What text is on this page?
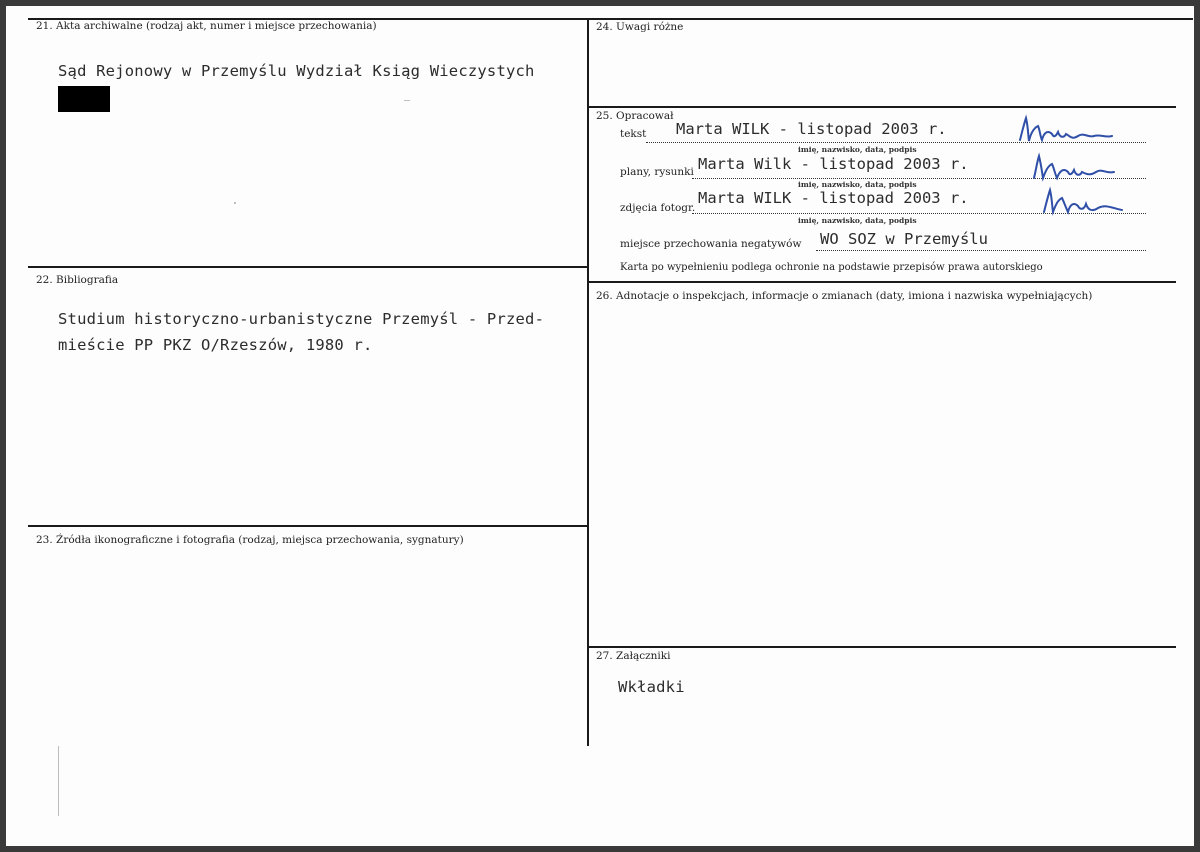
21. Akta archiwalne (rodzaj akt, numer i miejsce przechowania)
Sąd Rejonowy w Przemyślu Wydział Ksiąg Wieczystych
22. Bibliografia
Studium historyczno-urbanistyczne Przemyśl - Przed-
mieście PP PKZ O/Rzeszów, 1980 r.
23. Źródła ikonograficzne i fotografia (rodzaj, miejsca przechowania, sygnatury)
24. Uwagi różne
25. Opracował
tekst Marta WILK - listopad 2003 r.
imię, nazwisko, data, podpis
plany, rysunki Marta Wilk - listopad 2003 r.
imię, nazwisko, data, podpis
zdjęcia fotogr.
Marta WILK - listopad 2003 r.
imię, nazwisko, data, podpis
miejsce przechowania negatywów WO SOZ w Przemyślu
Karta po wypełnieniu podlega ochronie na podstawie przepisów prawa autorskiego
26. Adnotacje o inspekcjach, informacje o zmianach (daty, imiona i nazwiska wypełniających)
27. Załączniki
Wkładki
